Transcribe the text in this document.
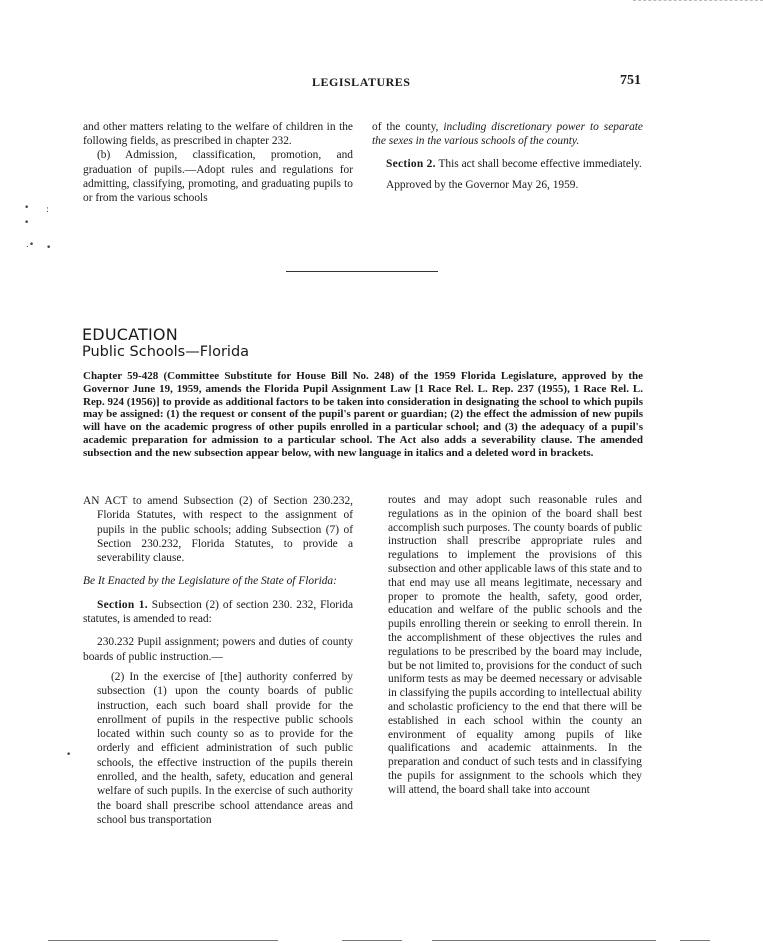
LEGISLATURES	751

and other matters relating to the welfare of children in the following fields, as prescribed in chapter 232.

(b) Admission, classification, promotion, and graduation of pupils.—Adopt rules and regulations for admitting, classifying, promoting, and graduating pupils to or from the various schools

of the county, including discretionary power to separate the sexes in the various schools of the county.

Section 2. This act shall become effective immediately.

Approved by the Governor May 26, 1959.

• :
•
.• •
•
EDUCATION
Public Schools—Florida

Chapter 59-428 (Committee Substitute for House Bill No. 248) of the 1959 Florida Legislature, approved by the Governor June 19, 1959, amends the Florida Pupil Assignment Law [1 Race Rel. L. Rep. 237 (1955), 1 Race Rel. L. Rep. 924 (1956)] to provide as additional factors to be taken into consideration in designating the school to which pupils may be assigned: (1) the request or consent of the pupil's parent or guardian; (2) the effect the admission of new pupils will have on the academic progress of other pupils enrolled in a particular school; and (3) the adequacy of a pupil's academic preparation for admission to a particular school. The Act also adds a severability clause. The amended subsection and the new subsection appear below, with new language in italics and a deleted word in brackets.

AN ACT to amend Subsection (2) of Section 230.232, Florida Statutes, with respect to the assignment of pupils in the public schools; adding Subsection (7) of Section 230.232, Florida Statutes, to provide a severability clause.

Be It Enacted by the Legislature of the State of Florida:

Section 1. Subsection (2) of section 230. 232, Florida statutes, is amended to read:

230.232 Pupil assignment; powers and duties of county boards of public instruction.—

(2) In the exercise of [the] authority conferred by subsection (1) upon the county boards of public instruction, each such board shall provide for the enrollment of pupils in the respective public schools located within such county so as to provide for the orderly and efficient administration of such public schools, the effective instruction of the pupils therein enrolled, and the health, safety, education and general welfare of such pupils. In the exercise of such authority the board shall prescribe school attendance areas and school bus transportation

routes and may adopt such reasonable rules and regulations as in the opinion of the board shall best accomplish such purposes. The county boards of public instruction shall prescribe appropriate rules and regulations to implement the provisions of this subsection and other applicable laws of this state and to that end may use all means legitimate, necessary and proper to promote the health, safety, good order, education and welfare of the public schools and the pupils enrolling therein or seeking to enroll therein. In the accomplishment of these objectives the rules and regulations to be prescribed by the board may include, but be not limited to, provisions for the conduct of such uniform tests as may be deemed necessary or advisable in classifying the pupils according to intellectual ability and scholastic proficiency to the end that there will be established in each school within the county an environment of equality among pupils of like qualifications and academic attainments. In the preparation and conduct of such tests and in classifying the pupils for assignment to the schools which they will attend, the board shall take into account
